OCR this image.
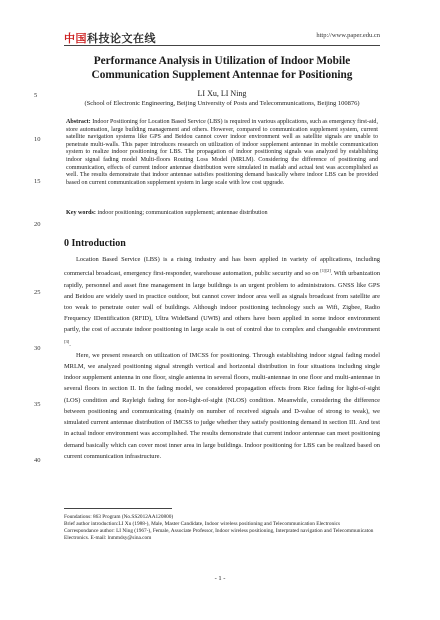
中国科技论文在线	http://www.paper.edu.cn
Performance Analysis in Utilization of Indoor Mobile
Communication Supplement Antennae for Positioning
LI Xu, LI Ning
(School of Electronic Engineering, Beijing University of Posts and Telecommunications, Beijing 100876)

Abstract: Indoor Positioning for Location Based Service (LBS) is required in various applications, such as emergency first-aid, store automation, large building management and others. However, compared to communication supplement system, current satellite navigation systems like GPS and Beidou cannot cover indoor environment well as satellite signals are unable to penetrate multi-walls. This paper introduces research on utilization of indoor supplement antennae in mobile communication system to realize indoor positioning for LBS. The propagation of indoor positioning signals was analyzed by establishing indoor signal fading model Multi-floors Routing Loss Model (MRLM). Considering the difference of positioning and communication, effects of current indoor antennae distribution were simulated in matlab and actual test was accomplished as well. The results demonstrate that indoor antennae satisfies positioning demand basically where indoor LBS can be provided based on current communication supplement system in large scale with low cost upgrade.

Key words: indoor positioning; communication supplement; antennae distribution

0 Introduction

Location Based Service (LBS) is a rising industry and has been applied in variety of applications, including commercial broadcast, emergency first-responder, warehouse automation, public security and so on [1][2]. With urbanization rapidly, personnel and asset fine management in large buildings is an urgent problem to administrators. GNSS like GPS and Beidou are widely used in practice outdoor, but cannot cover indoor area well as signals broadcast from satellite are too weak to penetrate outer wall of buildings. Although indoor positioning technology such as Wifi, Zigbee, Radio Frequency IDentification (RFID), Ultra WideBand (UWB) and others have been applied in some indoor environment partly, the cost of accurate indoor positioning in large scale is out of control due to complex and changeable environment [3].

Here, we present research on utilization of IMCSS for positioning. Through establishing indoor signal fading model MRLM, we analyzed positioning signal strength vertical and horizontal distribution in four situations including single indoor supplement antenna in one floor, single antenna in several floors, multi-antennae in one floor and multi-antennae in several floors in section II. In the fading model, we considered propagation effects from Rice fading for light-of-sight (LOS) condition and Rayleigh fading for non-light-of-sight (NLOS) condition. Meanwhile, considering the difference between positioning and communicating (mainly on number of received signals and D-value of strong to weak), we simulated current antennae distribution of IMCSS to judge whether they satisfy positioning demand in section III. And test in actual indoor environment was accomplished. The results demonstrate that current indoor antennae can meet positioning demand basically which can cover most inner area in large buildings. Indoor positioning for LBS can be realized based on current communication infrastructure.

5
10
15
20
25
30
35
40
Foundations: 863 Program (No.SS2012AA120800)
Brief author introduction:LI Xu (1988-), Male, Master Candidate, Indoor wireless positioning and Telecommunication Electronics
Correspondance author: LI Ning (1967-), Female, Associate Professor, Indoor wireless positioning, Interprated navigation and Telecommunicaton Electronics. E-mail: lnmmdsy@sina.com
- 1 -
